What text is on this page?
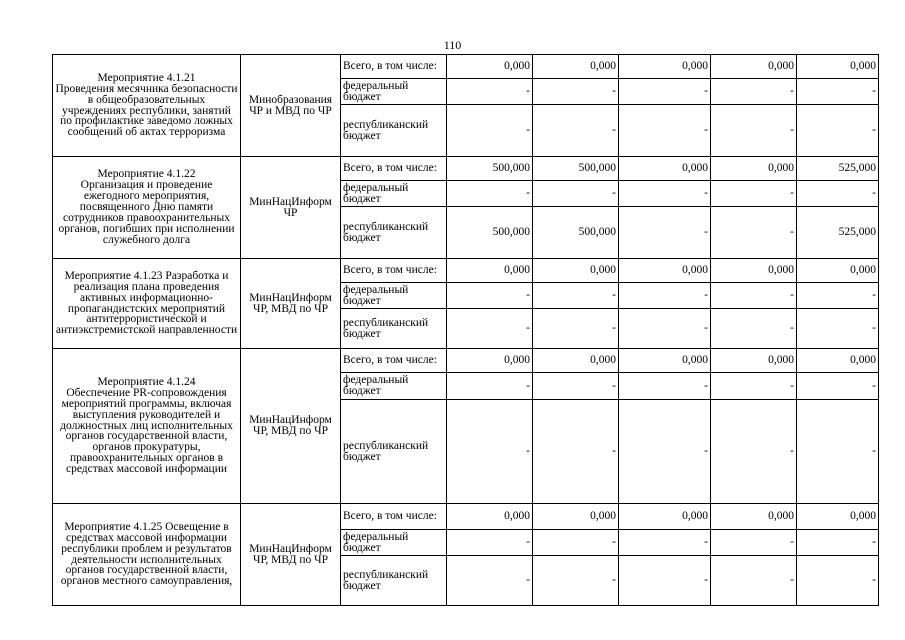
110
Мероприятие 4.1.21
Проведения месячника безопасности в общеобразовательных учреждениях республики, занятий по профилактике заведомо ложных сообщений об актах терроризма	Минобразования ЧР и МВД по ЧР	Всего, в том числе:	0,000	0,000	0,000	0,000	0,000
		федеральный бюджет	-	-	-	-	-
		республиканский бюджет	-	-	-	-	-
Мероприятие 4.1.22
Организация и проведение ежегодного мероприятия, посвященного Дню памяти сотрудников правоохранительных органов, погибших при исполнении служебного долга	МинНацИнформ ЧР	Всего, в том числе:	500,000	500,000	0,000	0,000	525,000
		федеральный бюджет	-	-	-	-	-
		республиканский бюджет	500,000	500,000	-	-	525,000
Мероприятие 4.1.23 Разработка и реализация плана проведения активных информационно-пропагандистских мероприятий антитеррористической и антиэкстремистской направленности	МинНацИнформ ЧР, МВД по ЧР	Всего, в том числе:	0,000	0,000	0,000	0,000	0,000
		федеральный бюджет	-	-	-	-	-
		республиканский бюджет	-	-	-	-	-
Мероприятие 4.1.24
Обеспечение PR-сопровождения мероприятий программы, включая выступления руководителей и должностных лиц исполнительных органов государственной власти, органов прокуратуры, правоохранительных органов в средствах массовой информации	МинНацИнформ ЧР, МВД по ЧР	Всего, в том числе:	0,000	0,000	0,000	0,000	0,000
		федеральный бюджет	-	-	-	-	-
		республиканский бюджет	-	-	-	-	-
Мероприятие 4.1.25 Освещение в средствах массовой информации республики проблем и результатов деятельности исполнительных органов государственной власти, органов местного самоуправления,	МинНацИнформ ЧР, МВД по ЧР	Всего, в том числе:	0,000	0,000	0,000	0,000	0,000
		федеральный бюджет	-	-	-	-	-
		республиканский бюджет	-	-	-	-	-
